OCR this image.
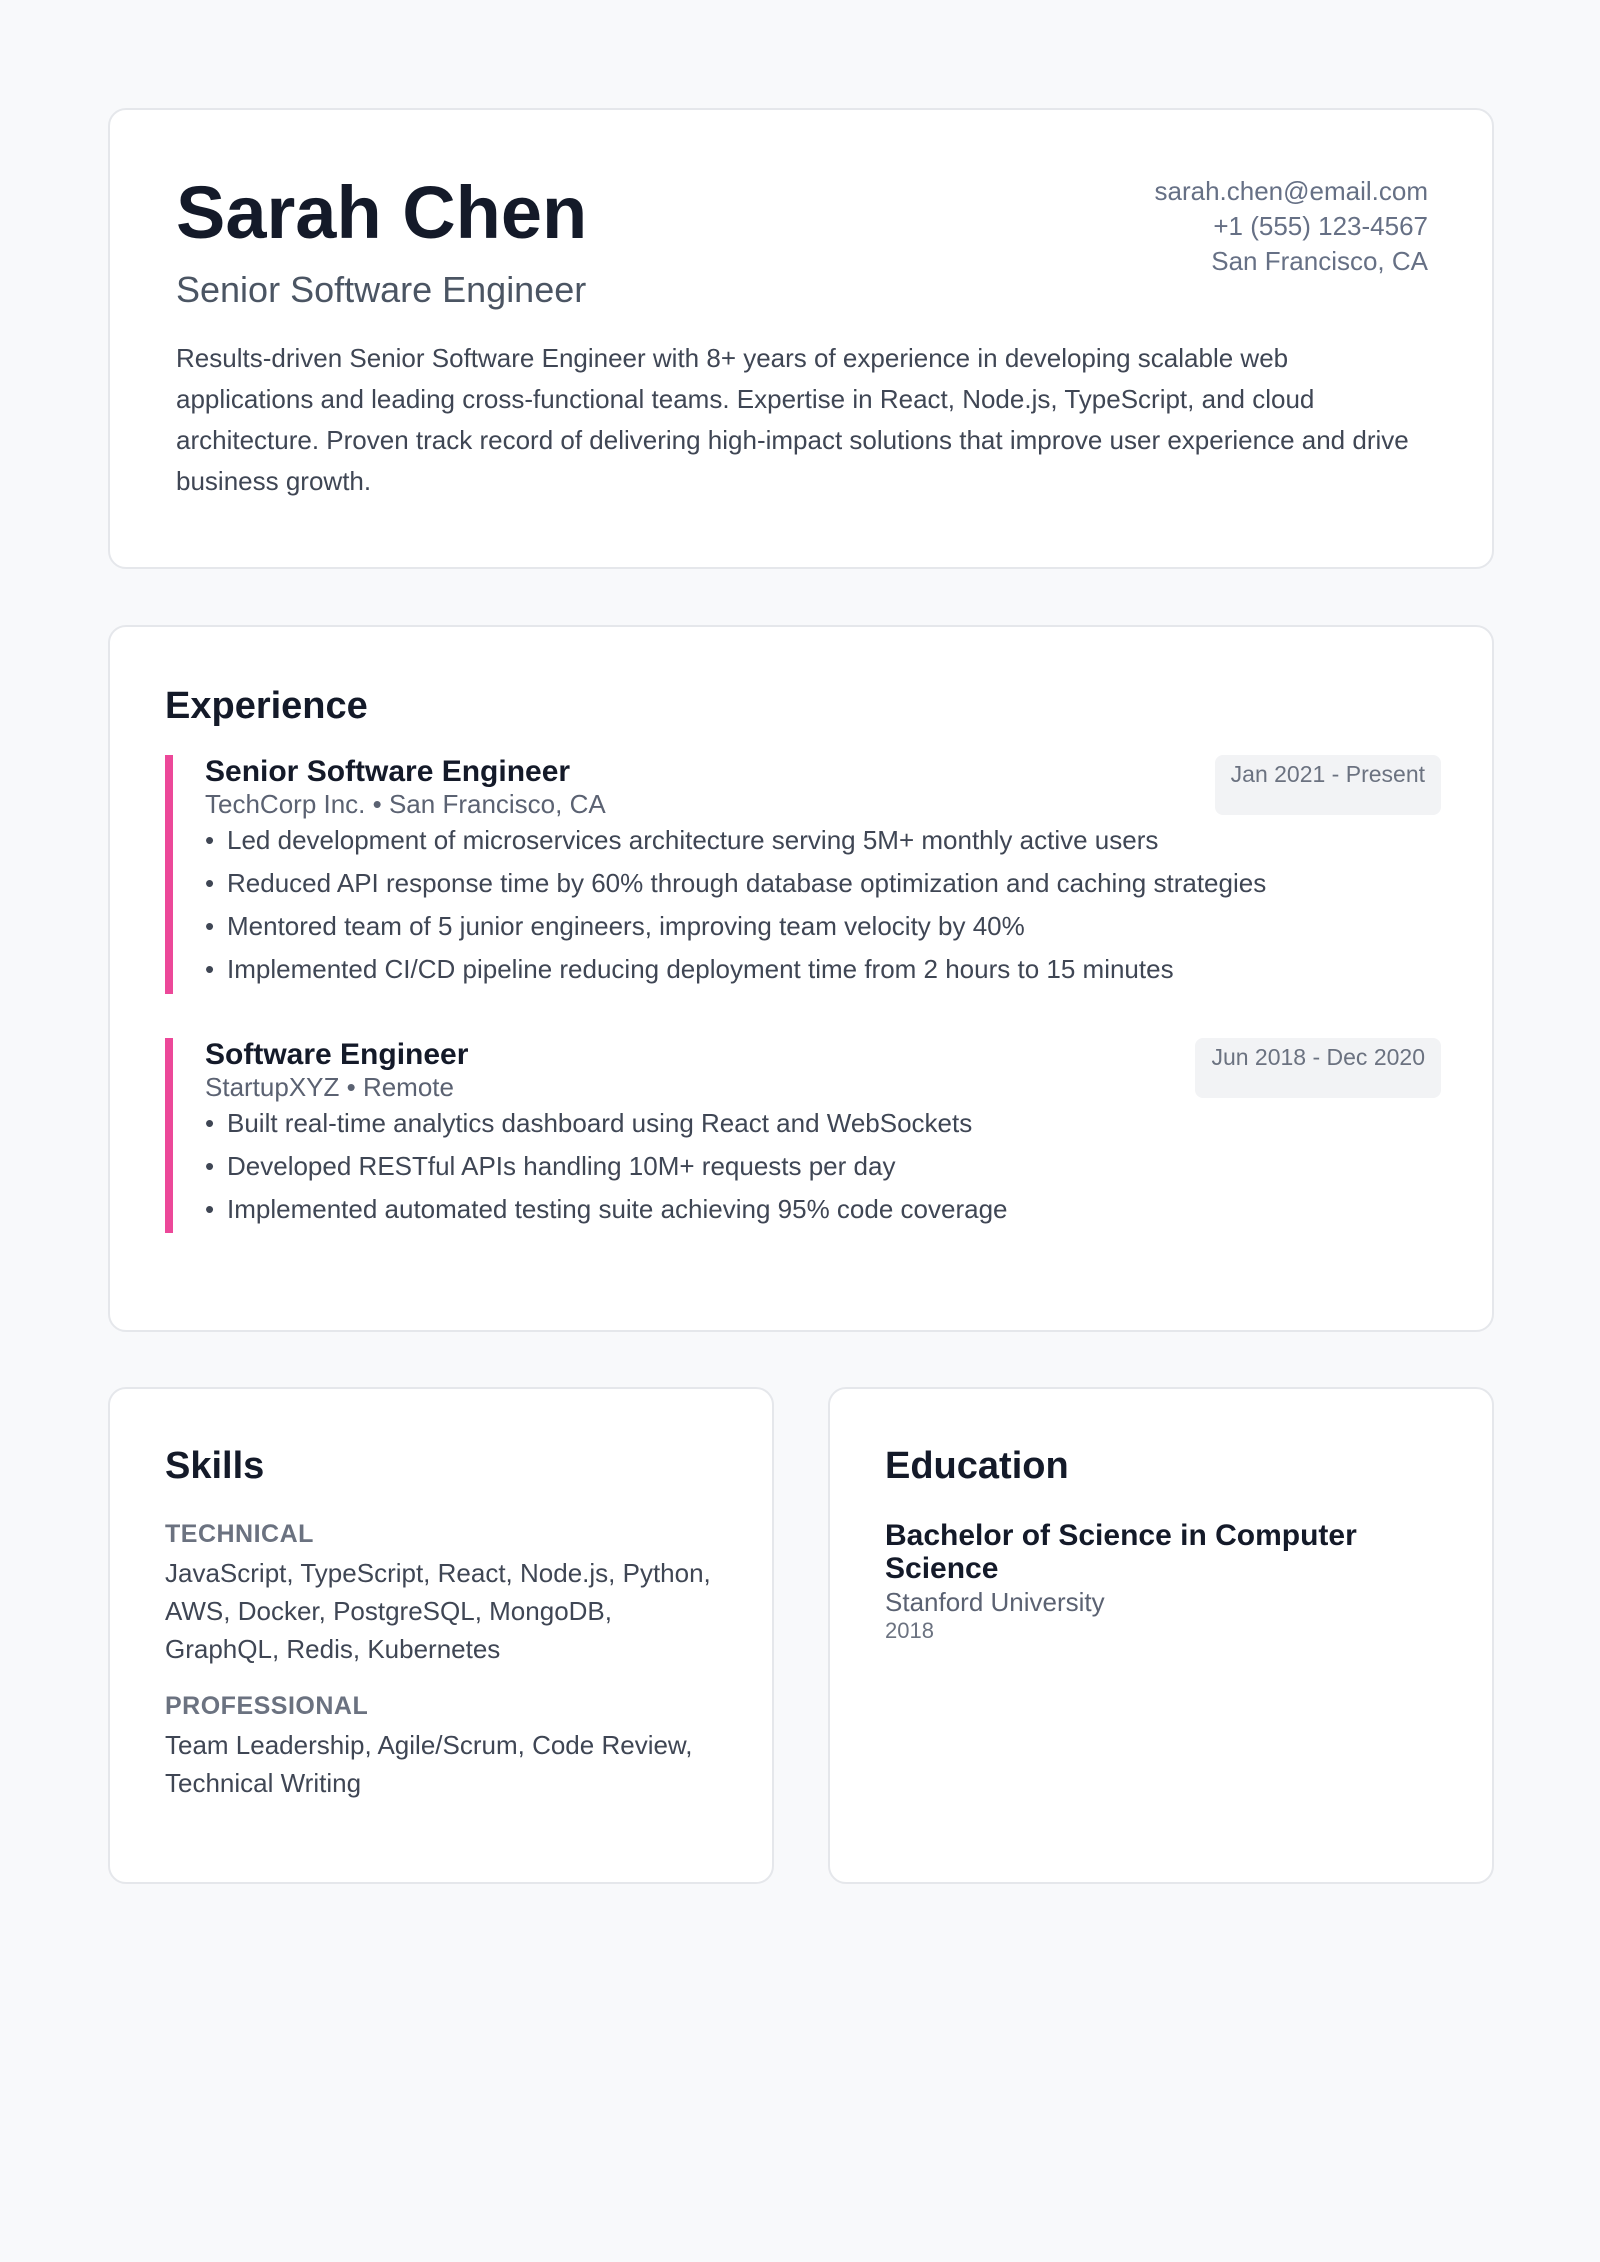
Sarah Chen
Senior Software Engineer
sarah.chen@email.com
+1 (555) 123-4567
San Francisco, CA

Results-driven Senior Software Engineer with 8+ years of experience in developing scalable web applications and leading cross-functional teams. Expertise in React, Node.js, TypeScript, and cloud architecture. Proven track record of delivering high-impact solutions that improve user experience and drive business growth.

Experience
Senior Software Engineer
TechCorp Inc. • San Francisco, CA
Jan 2021 - Present
• Led development of microservices architecture serving 5M+ monthly active users
• Reduced API response time by 60% through database optimization and caching strategies
• Mentored team of 5 junior engineers, improving team velocity by 40%
• Implemented CI/CD pipeline reducing deployment time from 2 hours to 15 minutes
Software Engineer
StartupXYZ • Remote
Jun 2018 - Dec 2020
• Built real-time analytics dashboard using React and WebSockets
• Developed RESTful APIs handling 10M+ requests per day
• Implemented automated testing suite achieving 95% code coverage
Skills
TECHNICAL
JavaScript, TypeScript, React, Node.js, Python, AWS, Docker, PostgreSQL, MongoDB, GraphQL, Redis, Kubernetes
PROFESSIONAL
Team Leadership, Agile/Scrum, Code Review, Technical Writing
Education
Bachelor of Science in Computer Science
Stanford University
2018
